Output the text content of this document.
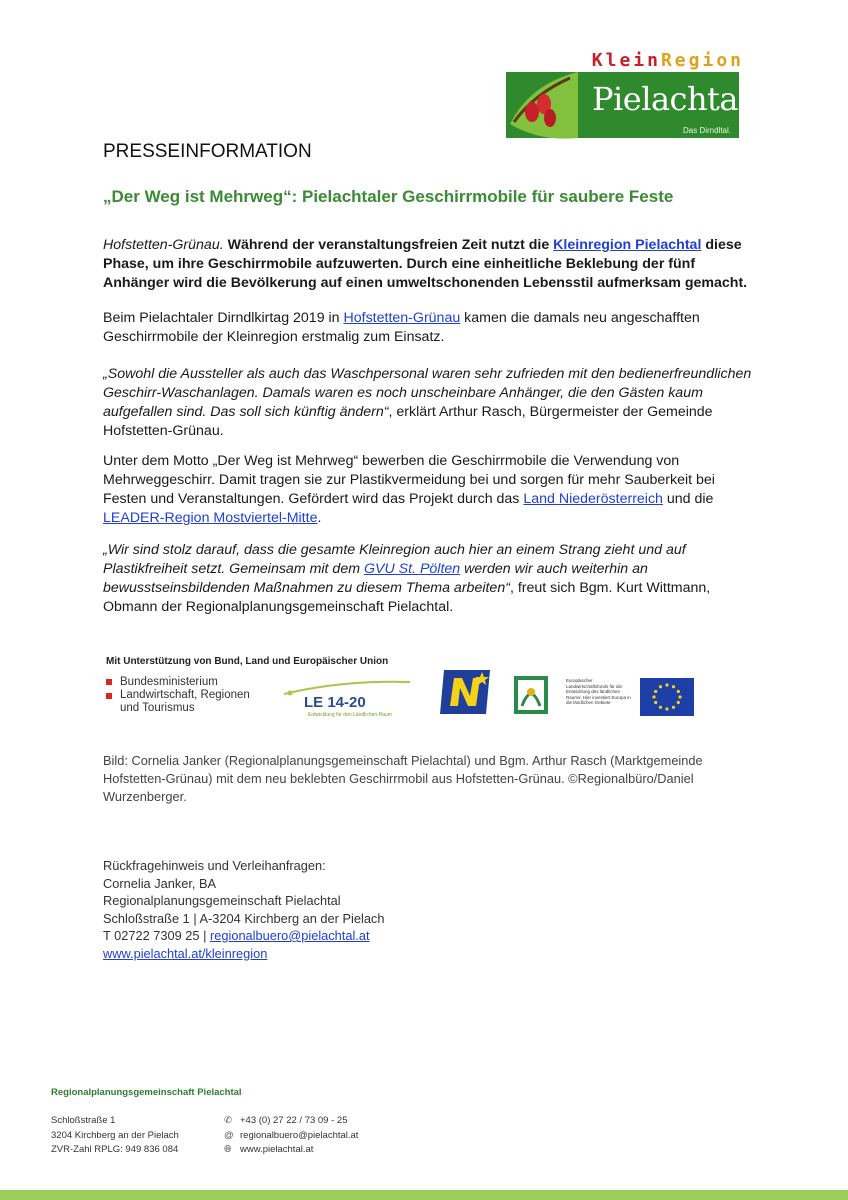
KleinRegion
Pielachtal
Das Dirndltal.
PRESSEINFORMATION
„Der Weg ist Mehrweg“: Pielachtaler Geschirrmobile für saubere Feste
Hofstetten-Grünau. Während der veranstaltungsfreien Zeit nutzt die Kleinregion Pielachtal diese Phase, um ihre Geschirrmobile aufzuwerten. Durch eine einheitliche Beklebung der fünf Anhänger wird die Bevölkerung auf einen umweltschonenden Lebensstil aufmerksam gemacht.
Beim Pielachtaler Dirndlkirtag 2019 in Hofstetten-Grünau kamen die damals neu angeschafften Geschirrmobile der Kleinregion erstmalig zum Einsatz.
„Sowohl die Aussteller als auch das Waschpersonal waren sehr zufrieden mit den bedienerfreundlichen Geschirr-Waschanlagen. Damals waren es noch unscheinbare Anhänger, die den Gästen kaum aufgefallen sind. Das soll sich künftig ändern“, erklärt Arthur Rasch, Bürgermeister der Gemeinde Hofstetten-Grünau.
Unter dem Motto „Der Weg ist Mehrweg“ bewerben die Geschirrmobile die Verwendung von Mehrweggeschirr. Damit tragen sie zur Plastikvermeidung bei und sorgen für mehr Sauberkeit bei Festen und Veranstaltungen. Gefördert wird das Projekt durch das Land Niederösterreich und die LEADER-Region Mostviertel-Mitte.
„Wir sind stolz darauf, dass die gesamte Kleinregion auch hier an einem Strang zieht und auf Plastikfreiheit setzt. Gemeinsam mit dem GVU St. Pölten werden wir auch weiterhin an bewusstseinsbildenden Maßnahmen zu diesem Thema arbeiten“, freut sich Bgm. Kurt Wittmann, Obmann der Regionalplanungsgemeinschaft Pielachtal.
Mit Unterstützung von Bund, Land und Europäischer Union
Bundesministerium
Landwirtschaft, Regionen
und Tourismus	LE 14-20
Entwicklung für den Ländlichen Raum
Europäischer Landwirtschaftsfonds für die Entwicklung des ländlichen Raums: Hier investiert Europa in die ländlichen Gebiete
Bild: Cornelia Janker (Regionalplanungsgemeinschaft Pielachtal) und Bgm. Arthur Rasch (Marktgemeinde Hofstetten-Grünau) mit dem neu beklebten Geschirrmobil aus Hofstetten-Grünau. ©Regionalbüro/Daniel Wurzenberger.
Rückfragehinweis und Verleihanfragen:
Cornelia Janker, BA
Regionalplanungsgemeinschaft Pielachtal
Schloßstraße 1 | A-3204 Kirchberg an der Pielach
T 02722 7309 25 | regionalbuero@pielachtal.at
www.pielachtal.at/kleinregion
Regionalplanungsgemeinschaft Pielachtal
Schloßstraße 1
3204 Kirchberg an der Pielach
ZVR-Zahl RPLG: 949 836 084
✆ +43 (0) 27 22 / 73 09 - 25
@ regionalbuero@pielachtal.at
🌐︎ www.pielachtal.at
